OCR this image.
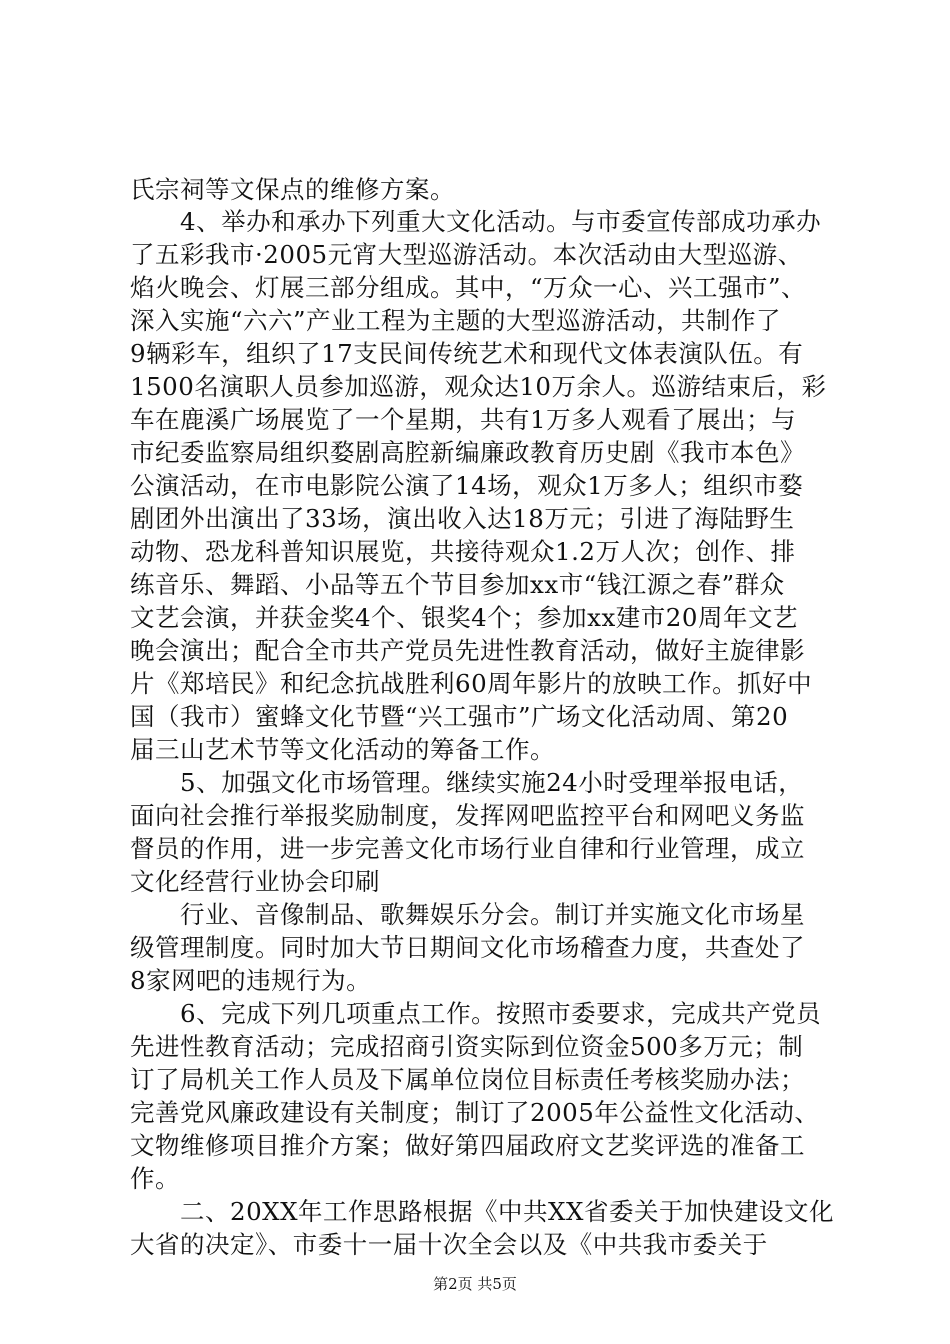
氏宗祠等文保点的维修方案。
4、举办和承办下列重大文化活动。与市委宣传部成功承办
了五彩我市·2005元宵大型巡游活动。本次活动由大型巡游、
焰火晚会、灯展三部分组成。其中，“万众一心、兴工强市”、
深入实施“六六”产业工程为主题的大型巡游活动，共制作了
9辆彩车，组织了17支民间传统艺术和现代文体表演队伍。有
1500名演职人员参加巡游，观众达10万余人。巡游结束后，彩
车在鹿溪广场展览了一个星期，共有1万多人观看了展出；与
市纪委监察局组织婺剧高腔新编廉政教育历史剧《我市本色》
公演活动，在市电影院公演了14场，观众1万多人；组织市婺
剧团外出演出了33场，演出收入达18万元；引进了海陆野生
动物、恐龙科普知识展览，共接待观众1.2万人次；创作、排
练音乐、舞蹈、小品等五个节目参加xx市“钱江源之春”群众
文艺会演，并获金奖4个、银奖4个；参加xx建市20周年文艺
晚会演出；配合全市共产党员先进性教育活动，做好主旋律影
片《郑培民》和纪念抗战胜利60周年影片的放映工作。抓好中
国（我市）蜜蜂文化节暨“兴工强市”广场文化活动周、第20
届三山艺术节等文化活动的筹备工作。
5、加强文化市场管理。继续实施24小时受理举报电话，
面向社会推行举报奖励制度，发挥网吧监控平台和网吧义务监
督员的作用，进一步完善文化市场行业自律和行业管理，成立
文化经营行业协会印刷
行业、音像制品、歌舞娱乐分会。制订并实施文化市场星
级管理制度。同时加大节日期间文化市场稽查力度，共查处了
8家网吧的违规行为。
6、完成下列几项重点工作。按照市委要求，完成共产党员
先进性教育活动；完成招商引资实际到位资金500多万元；制
订了局机关工作人员及下属单位岗位目标责任考核奖励办法；
完善党风廉政建设有关制度；制订了2005年公益性文化活动、
文物维修项目推介方案；做好第四届政府文艺奖评选的准备工
作。
二、20XX年工作思路根据《中共XX省委关于加快建设文化
大省的决定》、市委十一届十次全会以及《中共我市委关于
第2页 共5页
